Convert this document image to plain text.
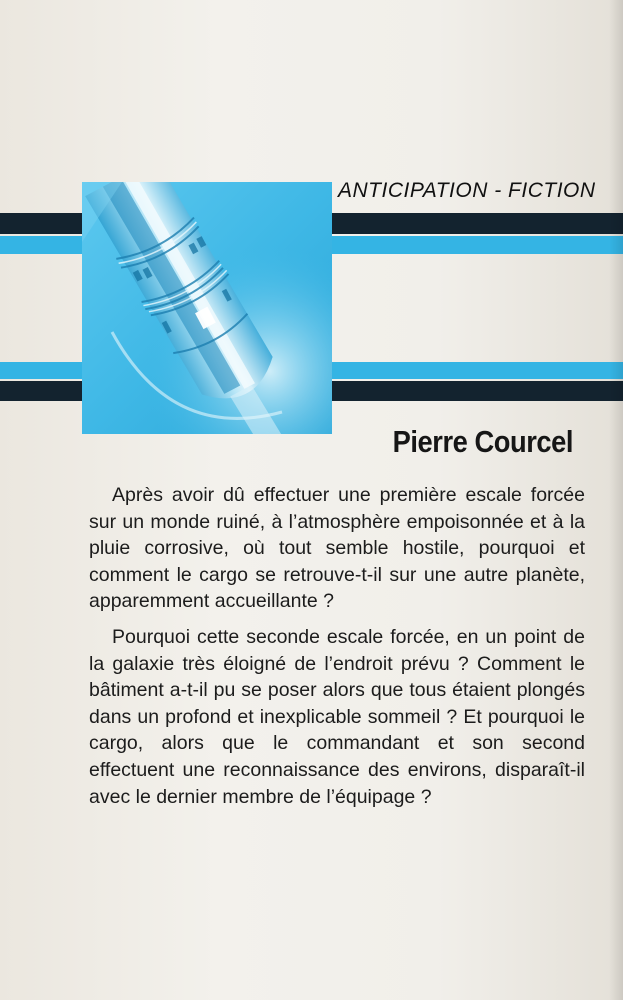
ANTICIPATION - FICTION
Pierre Courcel

Après avoir dû effectuer une première escale forcée sur un monde ruiné, à l’atmosphère empoisonnée et à la pluie corrosive, où tout semble hostile, pourquoi et comment le cargo se retrouve-t-il sur une autre planète, apparemment accueillante ?

Pourquoi cette seconde escale forcée, en un point de la galaxie très éloigné de l’endroit prévu ? Comment le bâtiment a-t-il pu se poser alors que tous étaient plongés dans un profond et inexplicable sommeil ? Et pourquoi le cargo, alors que le commandant et son second effectuent une reconnaissance des environs, disparaît-il avec le dernier membre de l’équipage ?
